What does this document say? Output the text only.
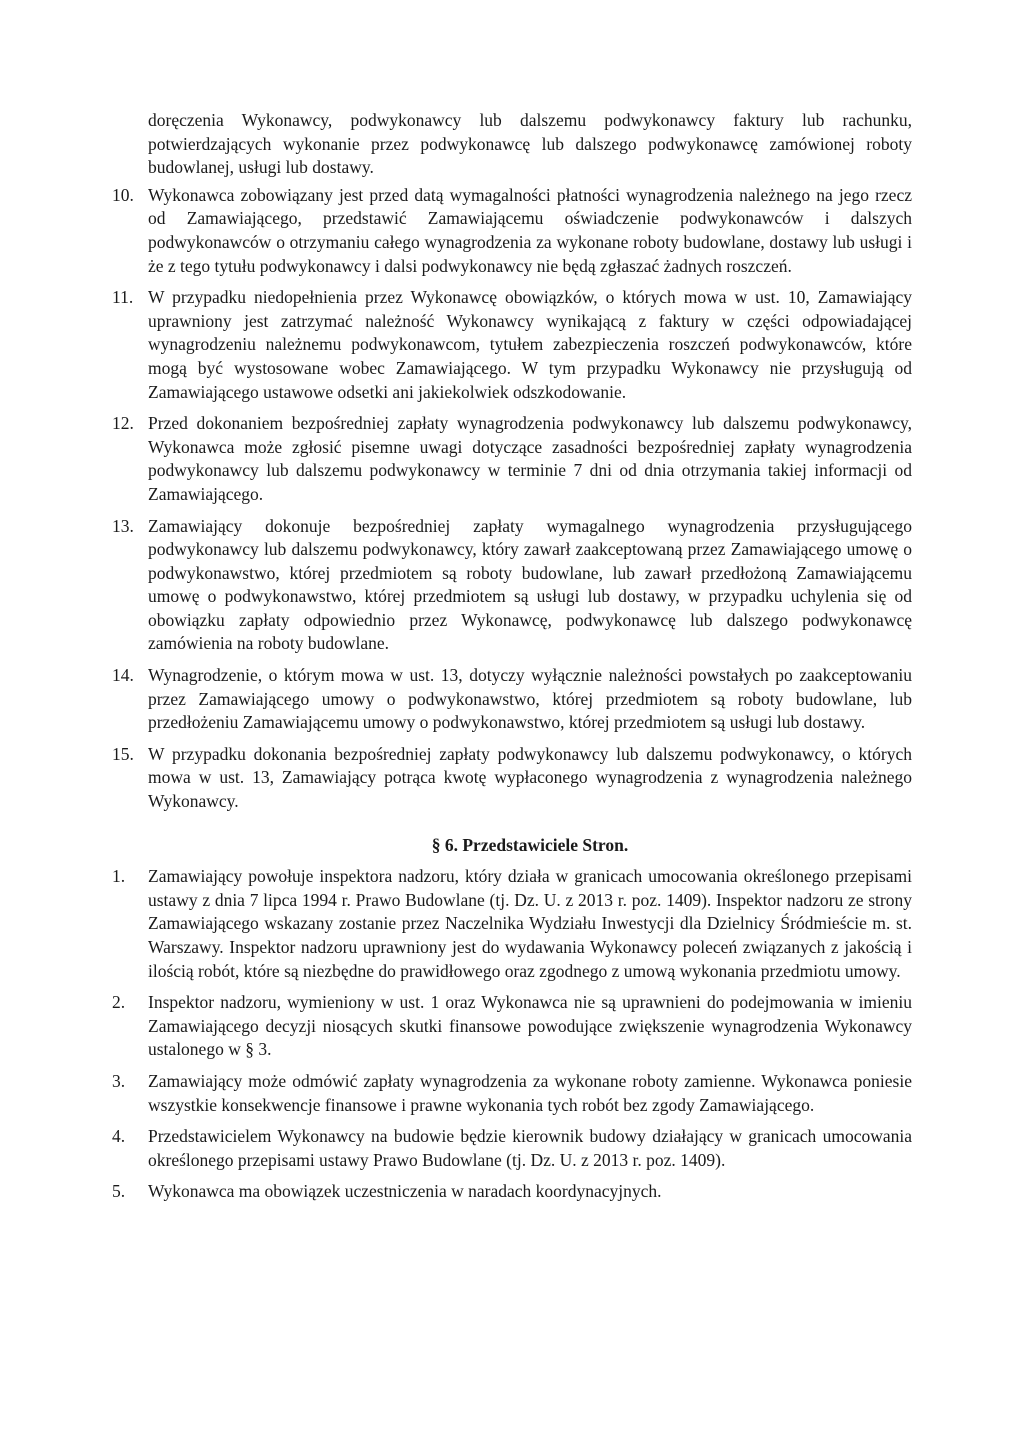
doręczenia Wykonawcy, podwykonawcy lub dalszemu podwykonawcy faktury lub rachunku, potwierdzających wykonanie przez podwykonawcę lub dalszego podwykonawcę zamówionej roboty budowlanej, usługi lub dostawy.
10. Wykonawca zobowiązany jest przed datą wymagalności płatności wynagrodzenia należnego na jego rzecz od Zamawiającego, przedstawić Zamawiającemu oświadczenie podwykonawców i dalszych podwykonawców o otrzymaniu całego wynagrodzenia za wykonane roboty budowlane, dostawy lub usługi i że z tego tytułu podwykonawcy i dalsi podwykonawcy nie będą zgłaszać żadnych roszczeń.
11. W przypadku niedopełnienia przez Wykonawcę obowiązków, o których mowa w ust. 10, Zamawiający uprawniony jest zatrzymać należność Wykonawcy wynikającą z faktury w części odpowiadającej wynagrodzeniu należnemu podwykonawcom, tytułem zabezpieczenia roszczeń podwykonawców, które mogą być wystosowane wobec Zamawiającego. W tym przypadku Wykonawcy nie przysługują od Zamawiającego ustawowe odsetki ani jakiekolwiek odszkodowanie.
12. Przed dokonaniem bezpośredniej zapłaty wynagrodzenia podwykonawcy lub dalszemu podwykonawcy, Wykonawca może zgłosić pisemne uwagi dotyczące zasadności bezpośredniej zapłaty wynagrodzenia podwykonawcy lub dalszemu podwykonawcy w terminie 7 dni od dnia otrzymania takiej informacji od Zamawiającego.
13. Zamawiający dokonuje bezpośredniej zapłaty wymagalnego wynagrodzenia przysługującego podwykonawcy lub dalszemu podwykonawcy, który zawarł zaakceptowaną przez Zamawiającego umowę o podwykonawstwo, której przedmiotem są roboty budowlane, lub zawarł przedłożoną Zamawiającemu umowę o podwykonawstwo, której przedmiotem są usługi lub dostawy, w przypadku uchylenia się od obowiązku zapłaty odpowiednio przez Wykonawcę, podwykonawcę lub dalszego podwykonawcę zamówienia na roboty budowlane.
14. Wynagrodzenie, o którym mowa w ust. 13, dotyczy wyłącznie należności powstałych po zaakceptowaniu przez Zamawiającego umowy o podwykonawstwo, której przedmiotem są roboty budowlane, lub przedłożeniu Zamawiającemu umowy o podwykonawstwo, której przedmiotem są usługi lub dostawy.
15. W przypadku dokonania bezpośredniej zapłaty podwykonawcy lub dalszemu podwykonawcy, o których mowa w ust. 13, Zamawiający potrąca kwotę wypłaconego wynagrodzenia z wynagrodzenia należnego Wykonawcy.
§ 6. Przedstawiciele Stron.
1.	Zamawiający powołuje inspektora nadzoru, który działa w granicach umocowania określonego przepisami ustawy z dnia 7 lipca 1994 r. Prawo Budowlane (tj. Dz. U. z 2013 r. poz. 1409). Inspektor nadzoru ze strony Zamawiającego wskazany zostanie przez Naczelnika Wydziału Inwestycji dla Dzielnicy Śródmieście m. st. Warszawy. Inspektor nadzoru uprawniony jest do wydawania Wykonawcy poleceń związanych z jakością i ilością robót, które są niezbędne do prawidłowego oraz zgodnego z umową wykonania przedmiotu umowy.
2.	Inspektor nadzoru, wymieniony w ust. 1 oraz Wykonawca nie są uprawnieni do podejmowania w imieniu Zamawiającego decyzji niosących skutki finansowe powodujące zwiększenie wynagrodzenia Wykonawcy ustalonego w § 3.
3.	Zamawiający może odmówić zapłaty wynagrodzenia za wykonane roboty zamienne. Wykonawca poniesie wszystkie konsekwencje finansowe i prawne wykonania tych robót bez zgody Zamawiającego.
4.	Przedstawicielem Wykonawcy na budowie będzie kierownik budowy działający w granicach umocowania określonego przepisami ustawy Prawo Budowlane (tj. Dz. U. z 2013 r. poz. 1409).
5.	Wykonawca ma obowiązek uczestniczenia w naradach koordynacyjnych.
